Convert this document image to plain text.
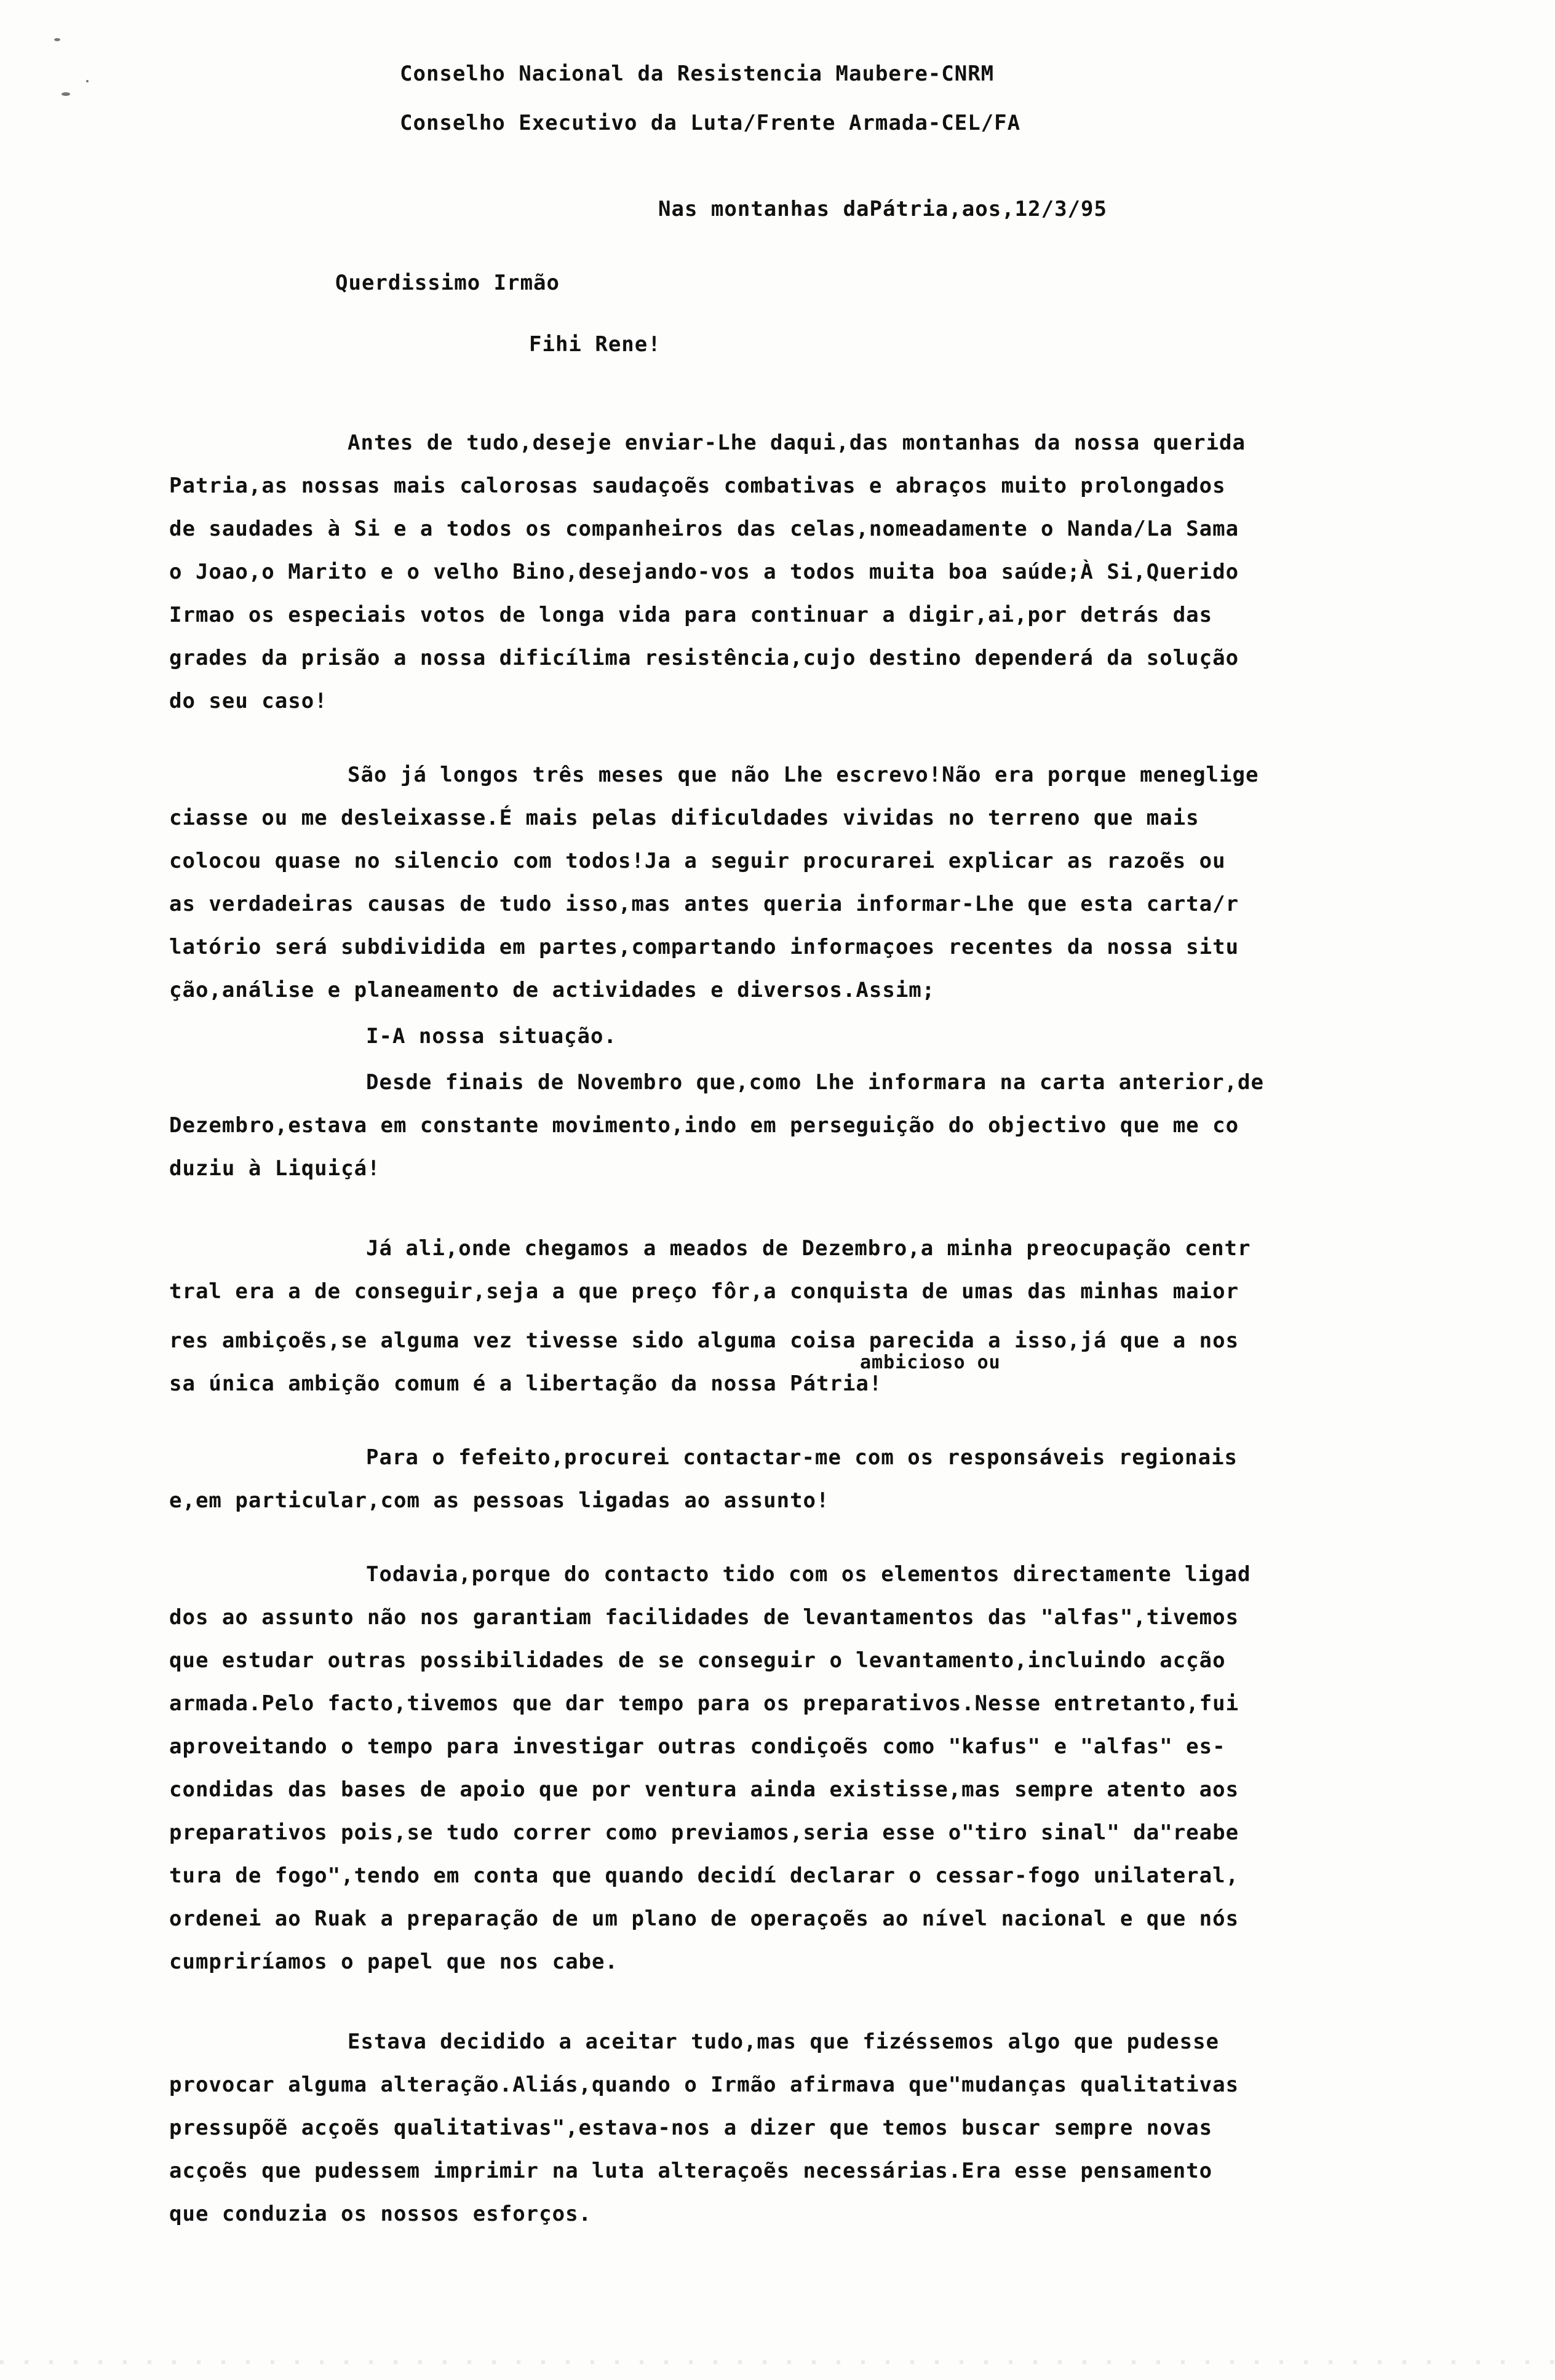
Conselho Nacional da Resistencia Maubere-CNRM
Conselho Executivo da Luta/Frente Armada-CEL/FA
Nas montanhas daPátria,aos,12/3/95
Querdissimo Irmão
Fihi Rene!
Antes de tudo,deseje enviar-Lhe daqui,das montanhas da nossa querida
Patria,as nossas mais calorosas saudaçoẽs combativas e abraços muito prolongados
de saudades à Si e a todos os companheiros das celas,nomeadamente o Nanda/La Sama
o Joao,o Marito e o velho Bino,desejando-vos a todos muita boa saúde;À Si,Querido
Irmao os especiais votos de longa vida para continuar a digir,ai,por detrás das
grades da prisão a nossa dificílima resistência,cujo destino dependerá da solução
do seu caso!
São já longos três meses que não Lhe escrevo!Não era porque meneglige
ciasse ou me desleixasse.É mais pelas dificuldades vividas no terreno que mais
colocou quase no silencio com todos!Ja a seguir procurarei explicar as razoẽs ou
as verdadeiras causas de tudo isso,mas antes queria informar-Lhe que esta carta/r
latório será subdividida em partes,compartando informaçoes recentes da nossa situ
ção,análise e planeamento de actividades e diversos.Assim;
I-A nossa situação.
Desde finais de Novembro que,como Lhe informara na carta anterior,de
Dezembro,estava em constante movimento,indo em perseguição do objectivo que me co
duziu à Liquiçá!
Já ali,onde chegamos a meados de Dezembro,a minha preocupação centr
tral era a de conseguir,seja a que preço fôr,a conquista de umas das minhas maior
ambicioso ou
res ambiçoẽs,se alguma vez tivesse sido alguma coisa parecida a isso,já que a nos
sa única ambição comum é a libertação da nossa Pátria!
Para o fefeito,procurei contactar-me com os responsáveis regionais
e,em particular,com as pessoas ligadas ao assunto!
Todavia,porque do contacto tido com os elementos directamente ligad
dos ao assunto não nos garantiam facilidades de levantamentos das "alfas",tivemos
que estudar outras possibilidades de se conseguir o levantamento,incluindo acção
armada.Pelo facto,tivemos que dar tempo para os preparativos.Nesse entretanto,fui
aproveitando o tempo para investigar outras condiçoẽs como "kafus" e "alfas" es-
condidas das bases de apoio que por ventura ainda existisse,mas sempre atento aos
preparativos pois,se tudo correr como previamos,seria esse o"tiro sinal" da"reabe
tura de fogo",tendo em conta que quando decidí declarar o cessar-fogo unilateral,
ordenei ao Ruak a preparação de um plano de operaçoẽs ao nível nacional e que nós
cumpriríamos o papel que nos cabe.
Estava decidido a aceitar tudo,mas que fizéssemos algo que pudesse
provocar alguma alteração.Aliás,quando o Irmão afirmava que"mudanças qualitativas
pressupõẽ acçoẽs qualitativas",estava-nos a dizer que temos buscar sempre novas
acçoẽs que pudessem imprimir na luta alteraçoẽs necessárias.Era esse pensamento
que conduzia os nossos esforços.
